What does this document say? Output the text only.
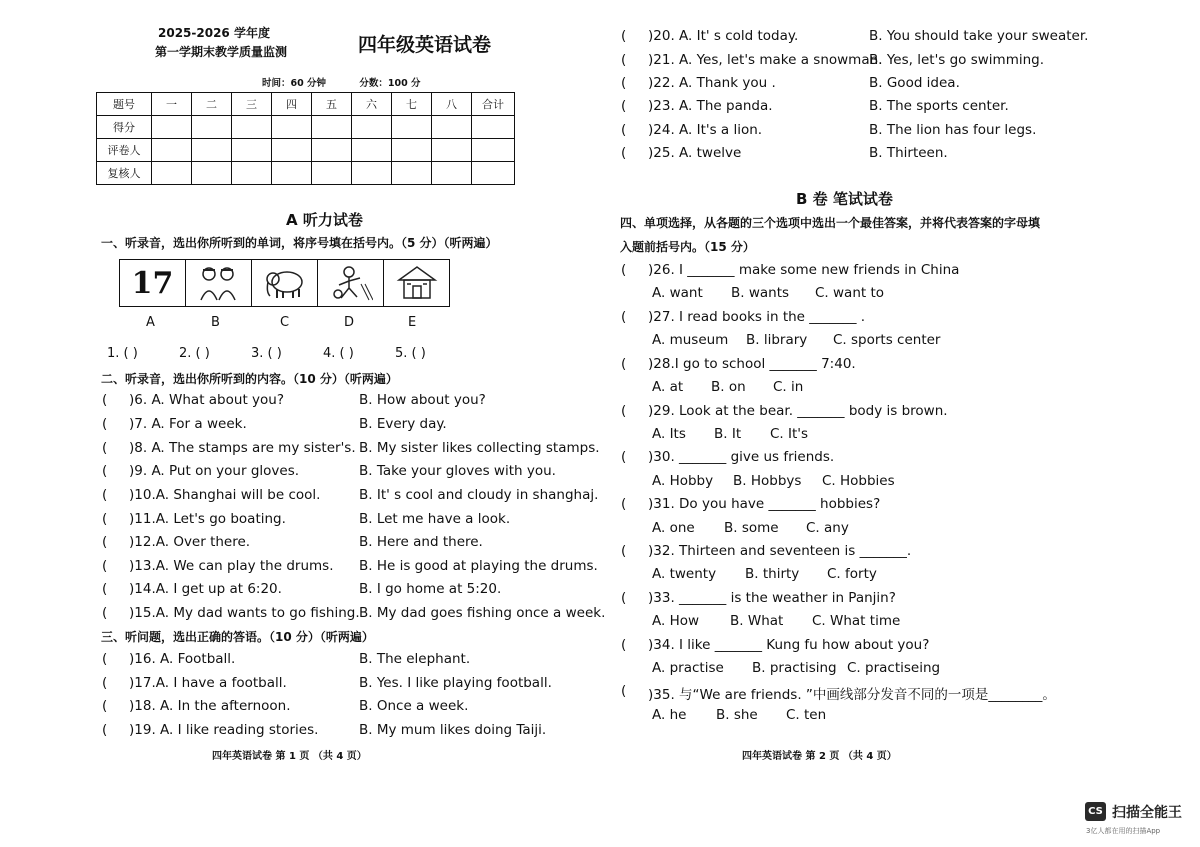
2025-2026 学年度
第一学期末教学质量监测	四年级英语试卷
时间：60 分钟	分数：100 分
题号	一	二	三	四	五	六	七	八	合计
得分									
评卷人									
复核人									
A 听力试卷
一、听录音，选出你所听到的单词，将序号填在括号内。（5 分）（听两遍）
17
A	B	C	D	E
1. ( )	2. ( )	3. ( )	4. ( )	5. ( )
二、听录音，选出你所听到的内容。（10 分）（听两遍）
( )6. A. What about you?	B. How about you?
( )7. A. For a week.	B. Every day.
( )8. A. The stamps are my sister's. B. My sister likes collecting stamps.
( )9. A. Put on your gloves.	B. Take your gloves with you.
( )10.A. Shanghai will be cool.	B. It' s cool and cloudy in shanghaj.
( )11.A. Let's go boating.	B. Let me have a look.
( )12.A. Over there.	B. Here and there.
( )13.A. We can play the drums. B. He is good at playing the drums.
( )14.A. I get up at 6:20.	B. I go home at 5:20.
( )15.A. My dad wants to go fishing. B. My dad goes fishing once a week.
三、听问题，选出正确的答语。（10 分）（听两遍）
( )16. A. Football.	B. The elephant.
( )17.A. I have a football.	B. Yes. I like playing football.
( )18. A. In the afternoon.	B. Once a week.
( )19. A. I like reading stories.	B. My mum likes doing Taiji.
四年英语试卷 第 1 页 （共 4 页）
( )20. A. It' s cold today.	B. You should take your sweater.
( )21. A. Yes, let's make a snowman.
B. Yes, let's go swimming.
( )22. A. Thank you .	B. Good idea.
( )23. A. The panda.	B. The sports center.
( )24. A. It's a lion.	B. The lion has four legs.
( )25. A. twelve	B. Thirteen.
B 卷 笔试试卷
四、单项选择，从各题的三个选项中选出一个最佳答案，并将代表答案的字母填
入题前括号内。（15 分）
( )26. I _______ make some new friends in China
A. want B. wants C. want to
( )27. I read books in the _______ .
A. museum B. library C. sports center
( )28.I go to school _______ 7:40.
A. at B. on C. in
( )29. Look at the bear. _______ body is brown.
A. Its B. It C. It's
( )30. _______ give us friends.
A. Hobby B. Hobbys C. Hobbies
( )31. Do you have _______ hobbies?
A. one B. some C. any
( )32. Thirteen and seventeen is _______.
A. twenty B. thirty C. forty
( )33. _______ is the weather in Panjin?
A. How B. What C. What time
( )34. I like _______ Kung fu how about you?
A. practise B. practising C. practiseing
( )35. 与“We are friends. ”中画线部分发音不同的一项是________。
A. he B. she C. ten
四年英语试卷 第 2 页 （共 4 页）
CS 扫描全能王
3亿人都在用的扫描App
